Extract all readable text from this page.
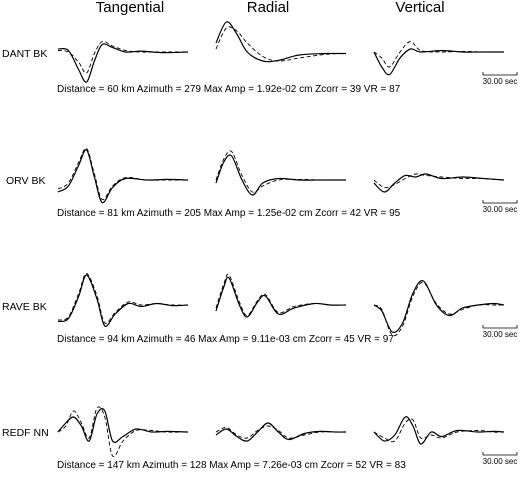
Tangential	Radial	Vertical
DANT BK
ORV BK
RAVE BK
REDF NN
Distance = 60 km Azimuth = 279 Max Amp = 1.92e-02 cm Zcorr = 39 VR = 87
Distance = 81 km Azimuth = 205 Max Amp = 1.25e-02 cm Zcorr = 42 VR = 95
Distance = 94 km Azimuth = 46 Max Amp = 9.11e-03 cm Zcorr = 45 VR = 97
Distance = 147 km Azimuth = 128 Max Amp = 7.26e-03 cm Zcorr = 52 VR = 83
30.00 sec
30.00 sec
30.00 sec
30.00 sec
